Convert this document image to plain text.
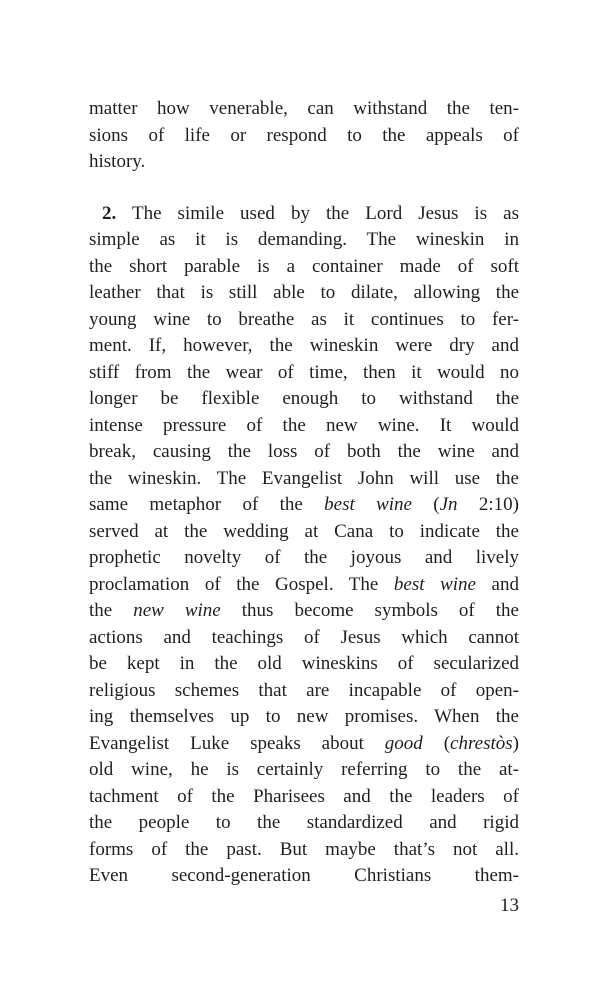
matter how venerable, can withstand the ten-
sions of life or respond to the appeals of
history.
2. The simile used by the Lord Jesus is as
simple as it is demanding. The wineskin in
the short parable is a container made of soft
leather that is still able to dilate, allowing the
young wine to breathe as it continues to fer-
ment. If, however, the wineskin were dry and
stiff from the wear of time, then it would no
longer be flexible enough to withstand the
intense pressure of the new wine. It would
break, causing the loss of both the wine and
the wineskin. The Evangelist John will use the
same metaphor of the best wine (Jn 2:10)
served at the wedding at Cana to indicate the
prophetic novelty of the joyous and lively
proclamation of the Gospel. The best wine and
the new wine thus become symbols of the
actions and teachings of Jesus which cannot
be kept in the old wineskins of secularized
religious schemes that are incapable of open-
ing themselves up to new promises. When the
Evangelist Luke speaks about good (chrestòs)
old wine, he is certainly referring to the at-
tachment of the Pharisees and the leaders of
the people to the standardized and rigid
forms of the past. But maybe that’s not all.
Even second-generation Christians them-
13
